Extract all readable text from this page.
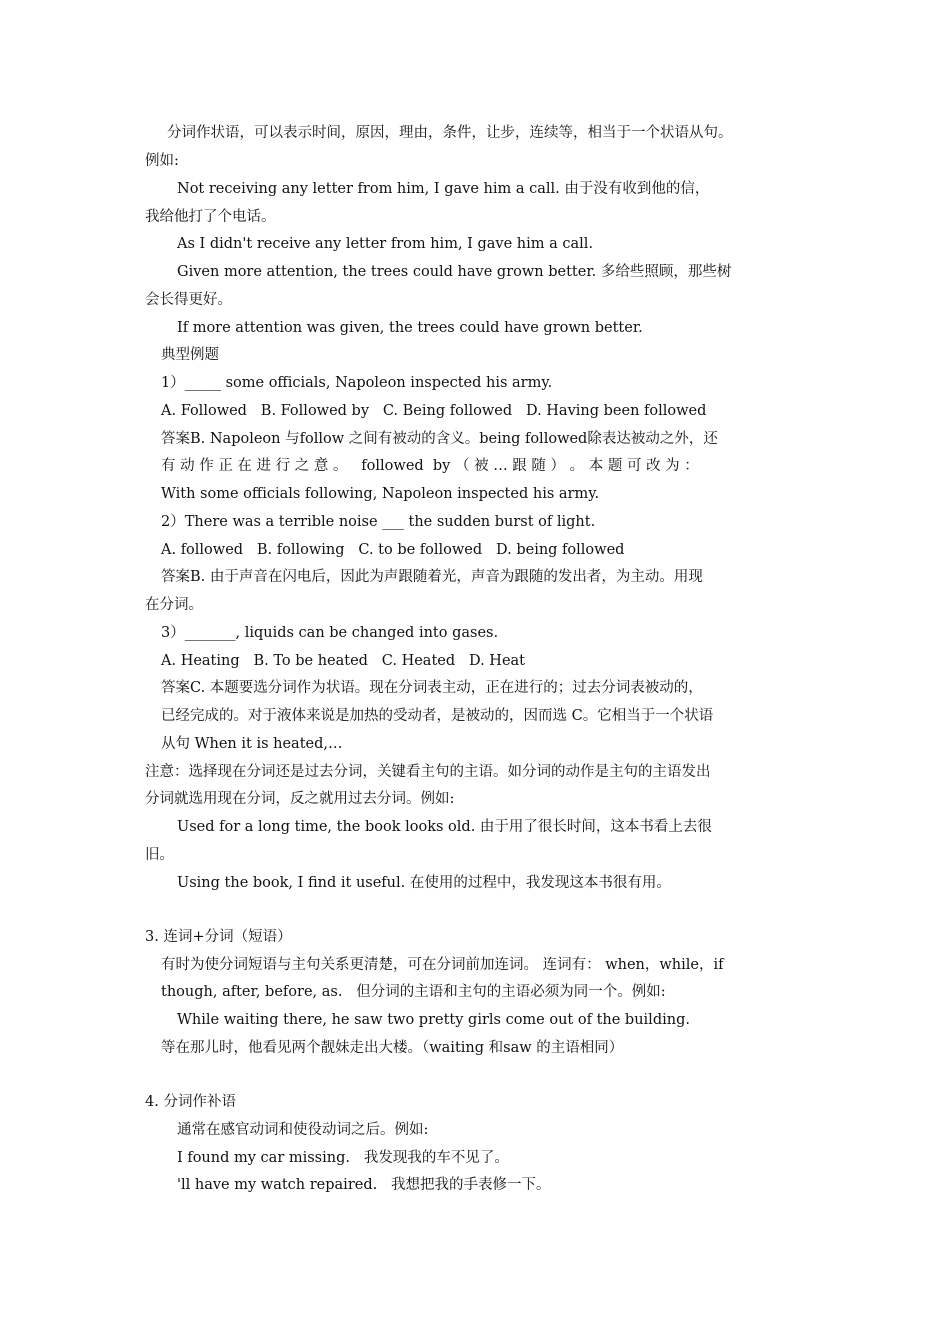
分词作状语，可以表示时间，原因，理由，条件，让步，连续等，相当于一个状语从句。
例如:
Not receiving any letter from him, I gave him a call. 由于没有收到他的信，
我给他打了个电话。
As I didn't receive any letter from him, I gave him a call.
Given more attention, the trees could have grown better. 多给些照顾，那些树
会长得更好。
If more attention was given, the trees could have grown better.
典型例题
1）_____ some officials, Napoleon inspected his army.
A. Followed   B. Followed by   C. Being followed   D. Having been followed
答案B. Napoleon 与follow 之间有被动的含义。being followed除表达被动之外，还
有 动 作 正 在 进 行 之 意 。   followed  by （ 被 … 跟 随 ） 。 本 题 可 改 为 ：
With some officials following, Napoleon inspected his army.
2）There was a terrible noise ___ the sudden burst of light.
A. followed   B. following   C. to be followed   D. being followed
答案B. 由于声音在闪电后，因此为声跟随着光，声音为跟随的发出者，为主动。用现
在分词。
3）_______, liquids can be changed into gases.
A. Heating   B. To be heated   C. Heated   D. Heat
答案C. 本题要选分词作为状语。现在分词表主动，正在进行的；过去分词表被动的，
已经完成的。对于液体来说是加热的受动者，是被动的，因而选 C。它相当于一个状语
从句 When it is heated,…
注意：选择现在分词还是过去分词，关键看主句的主语。如分词的动作是主句的主语发出
分词就选用现在分词，反之就用过去分词。例如:
Used for a long time, the book looks old. 由于用了很长时间，这本书看上去很
旧。
Using the book, I find it useful. 在使用的过程中，我发现这本书很有用。
3. 连词+分词（短语）
有时为使分词短语与主句关系更清楚，可在分词前加连词。 连词有： when，while，if
though, after, before, as.   但分词的主语和主句的主语必须为同一个。例如:
While waiting there, he saw two pretty girls come out of the building.
等在那儿时，他看见两个靓妹走出大楼。（waiting 和saw 的主语相同）
4. 分词作补语
通常在感官动词和使役动词之后。例如:
I found my car missing.   我发现我的车不见了。
'll have my watch repaired.   我想把我的手表修一下。
